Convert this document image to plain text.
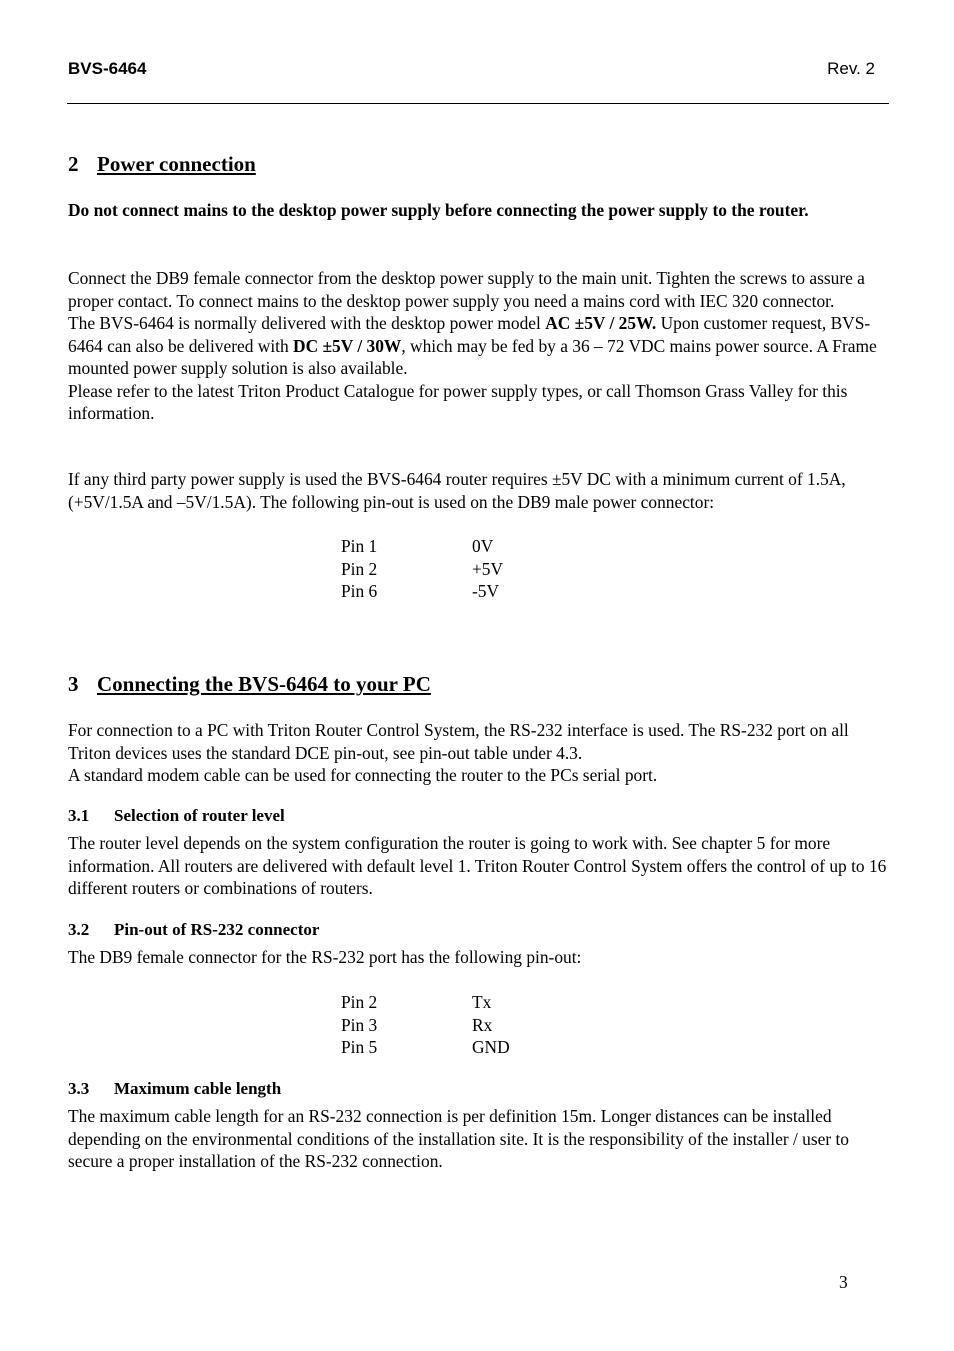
BVS-6464	Rev. 2
2 Power connection
Do not connect mains to the desktop power supply before connecting the power supply to the router.
Connect the DB9 female connector from the desktop power supply to the main unit. Tighten the screws to assure a proper contact. To connect mains to the desktop power supply you need a mains cord with IEC 320 connector.
The BVS-6464 is normally delivered with the desktop power model AC ±5V / 25W. Upon customer request, BVS-6464 can also be delivered with DC ±5V / 30W, which may be fed by a 36 – 72 VDC mains power source. A Frame mounted power supply solution is also available.
Please refer to the latest Triton Product Catalogue for power supply types, or call Thomson Grass Valley for this information.
If any third party power supply is used the BVS-6464 router requires ±5V DC with a minimum current of 1.5A, (+5V/1.5A and –5V/1.5A). The following pin-out is used on the DB9 male power connector:
Pin 1	0V
Pin 2	+5V
Pin 6	-5V
3 Connecting the BVS-6464 to your PC
For connection to a PC with Triton Router Control System, the RS-232 interface is used. The RS-232 port on all Triton devices uses the standard DCE pin-out, see pin-out table under 4.3.
A standard modem cable can be used for connecting the router to the PCs serial port.
3.1 Selection of router level
The router level depends on the system configuration the router is going to work with. See chapter 5 for more information. All routers are delivered with default level 1. Triton Router Control System offers the control of up to 16 different routers or combinations of routers.
3.2 Pin-out of RS-232 connector
The DB9 female connector for the RS-232 port has the following pin-out:
Pin 2	Tx
Pin 3	Rx
Pin 5	GND
3.3 Maximum cable length
The maximum cable length for an RS-232 connection is per definition 15m. Longer distances can be installed depending on the environmental conditions of the installation site. It is the responsibility of the installer / user to secure a proper installation of the RS-232 connection.
3
